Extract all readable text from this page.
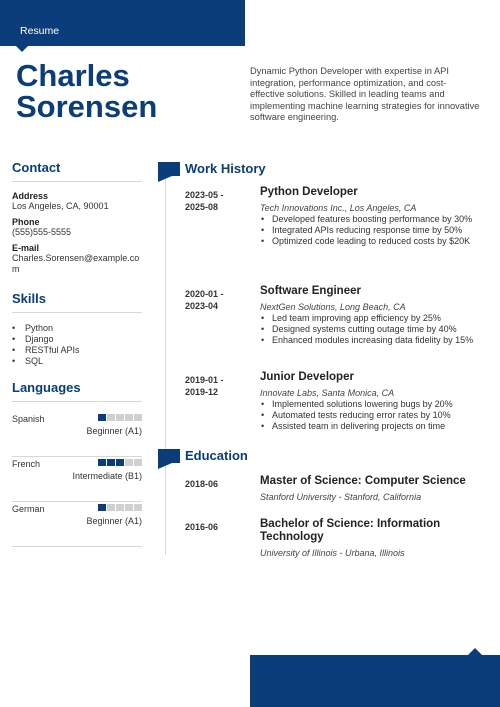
Resume
Charles
Sorensen
Dynamic Python Developer with expertise in API integration, performance optimization, and cost-effective solutions. Skilled in leading teams and implementing machine learning strategies for innovative software engineering.
Contact
Address
Los Angeles, CA, 90001
Phone
(555)555-5555
E-mail
Charles.Sorensen@example.com
Skills
• Python
• Django
• RESTful APIs
• SQL
Languages
Spanish
Beginner (A1)
French
Intermediate (B1)
German
Beginner (A1)
Work History
2023-05 - 2025-08
Python Developer
Tech Innovations Inc., Los Angeles, CA
• Developed features boosting performance by 30%
• Integrated APIs reducing response time by 50%
• Optimized code leading to reduced costs by $20K
2020-01 - 2023-04
Software Engineer
NextGen Solutions, Long Beach, CA
• Led team improving app efficiency by 25%
• Designed systems cutting outage time by 40%
• Enhanced modules increasing data fidelity by 15%
2019-01 - 2019-12
Junior Developer
Innovate Labs, Santa Monica, CA
• Implemented solutions lowering bugs by 20%
• Automated tests reducing error rates by 10%
• Assisted team in delivering projects on time
Education
2018-06	Master of Science: Computer Science
Stanford University - Stanford, California
2016-06	Bachelor of Science: Information Technology
University of Illinois - Urbana, Illinois
